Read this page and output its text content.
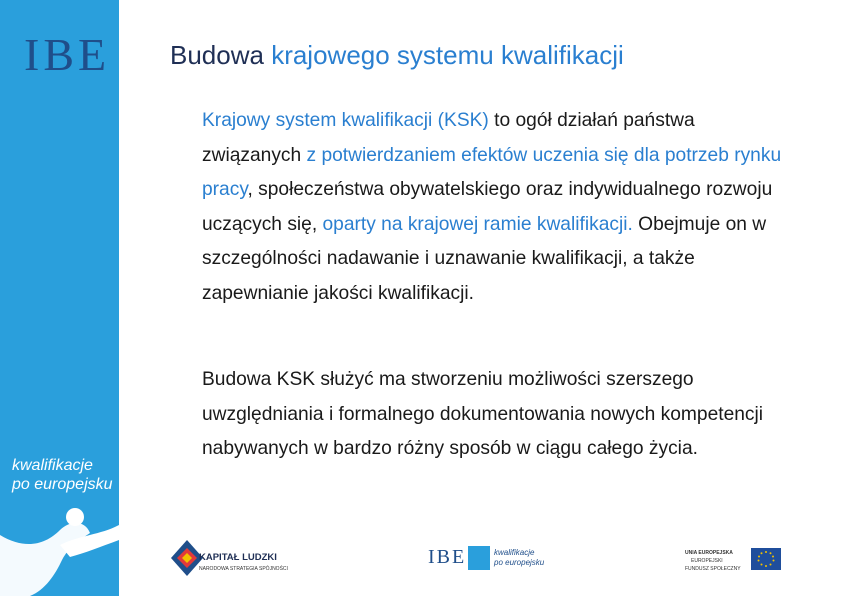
IBE
kwalifikacje
po europejsku
Budowa krajowego systemu kwalifikacji

Krajowy system kwalifikacji (KSK) to ogół działań państwa związanych z potwierdzaniem efektów uczenia się dla potrzeb rynku pracy, społeczeństwa obywatelskiego oraz indywidualnego rozwoju uczących się, oparty na krajowej ramie kwalifikacji. Obejmuje on w szczególności nadawanie i uznawanie kwalifikacji, a także zapewnianie jakości kwalifikacji.

Budowa KSK służyć ma stworzeniu możliwości szerszego uwzględniania i formalnego dokumentowania nowych kompetencji nabywanych w bardzo różny sposób w ciągu całego życia.

KAPITAŁ LUDZKI
NARODOWA STRATEGIA SPÓJNOŚCI
IBE	kwalifikacje
po europejsku
UNIA EUROPEJSKA
EUROPEJSKI
FUNDUSZ SPOŁECZNY
